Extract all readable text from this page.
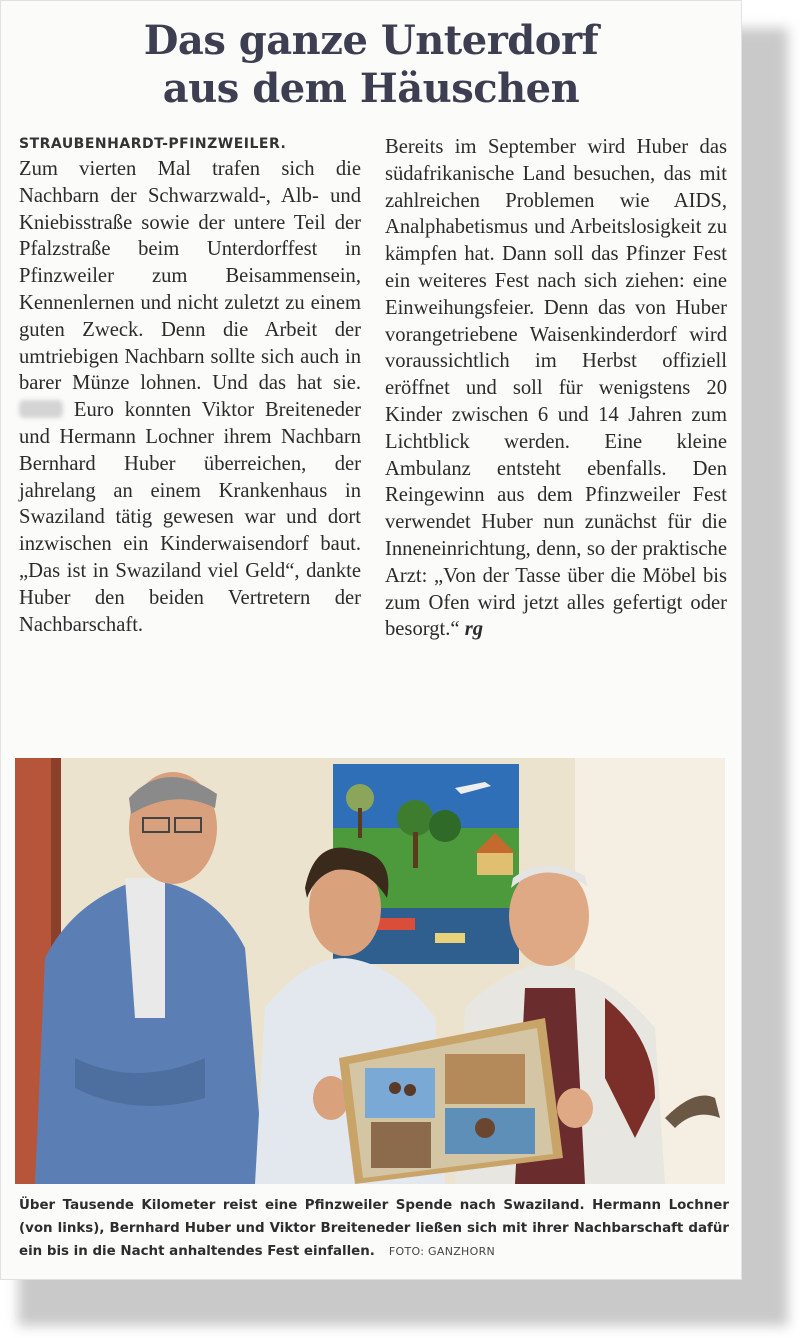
Das ganze Unterdorf
aus dem Häuschen
STRAUBENHARDT-PFINZWEILER.

Zum vierten Mal trafen sich die Nachbarn der Schwarzwald-, Alb- und Kniebisstraße sowie der untere Teil der Pfalzstraße beim Unterdorffest in Pfinzweiler zum Beisammensein, Kennenlernen und nicht zuletzt zu einem guten Zweck. Denn die Arbeit der umtriebigen Nachbarn sollte sich auch in barer Münze lohnen. Und das hat sie.  Euro konnten Viktor Breiteneder und Hermann Lochner ihrem Nachbarn Bernhard Huber überreichen, der jahrelang an einem Krankenhaus in Swaziland tätig gewesen war und dort inzwischen ein Kinderwaisendorf baut. „Das ist in Swaziland viel Geld“, dankte Huber den beiden Vertretern der Nachbarschaft.

Bereits im September wird Huber das südafrikanische Land besuchen, das mit zahlreichen Problemen wie AIDS, Analphabetismus und Arbeitslosigkeit zu kämpfen hat. Dann soll das Pfinzer Fest ein weiteres Fest nach sich ziehen: eine Einweihungsfeier. Denn das von Huber vorangetriebene Waisenkinderdorf wird voraussichtlich im Herbst offiziell eröffnet und soll für wenigstens 20 Kinder zwischen 6 und 14 Jahren zum Lichtblick werden. Eine kleine Ambulanz entsteht ebenfalls. Den Reingewinn aus dem Pfinzweiler Fest verwendet Huber nun zunächst für die Inneneinrichtung, denn, so der praktische Arzt: „Von der Tasse über die Möbel bis zum Ofen wird jetzt alles gefertigt oder besorgt.“ rg

Über Tausende Kilometer reist eine Pfinzweiler Spende nach Swaziland. Hermann Lochner (von links), Bernhard Huber und Viktor Breiteneder ließen sich mit ihrer Nachbarschaft dafür ein bis in die Nacht anhaltendes Fest einfallen. FOTO: GANZHORN
